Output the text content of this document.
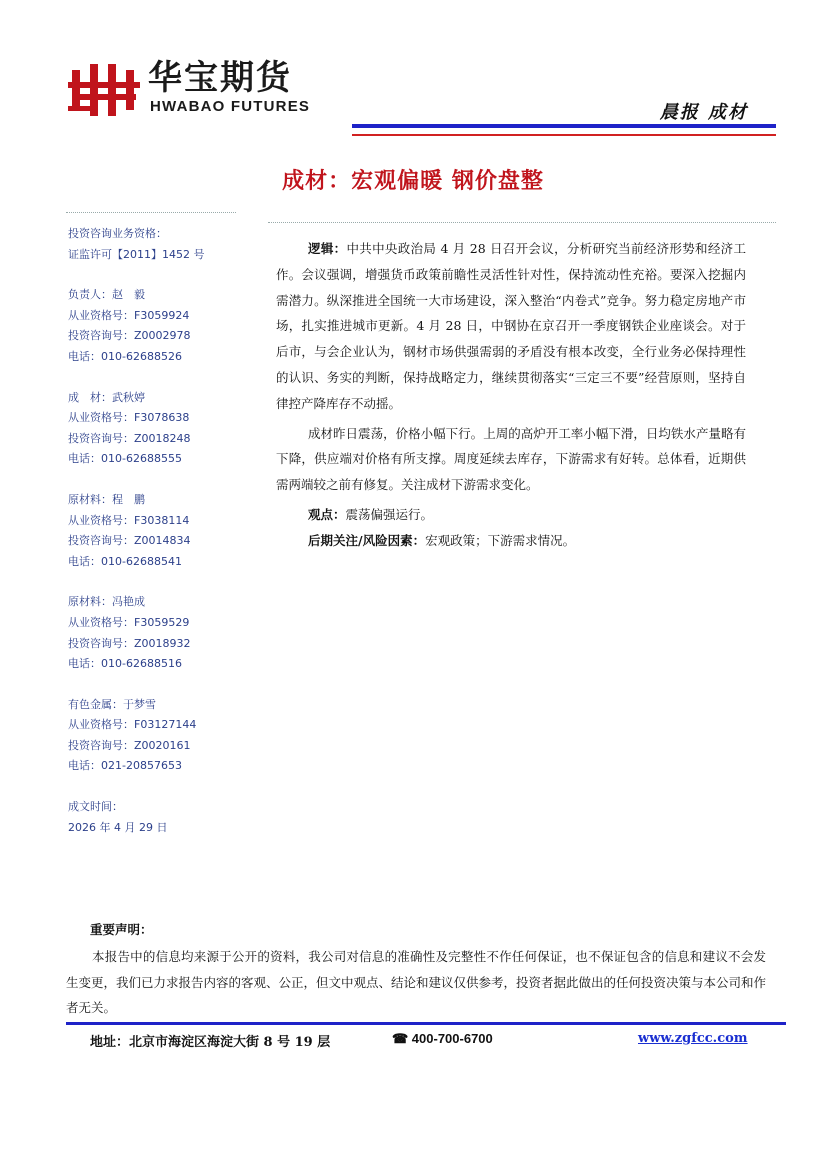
华宝期货
HWABAO FUTURES	晨报 成材
成材：宏观偏暖 钢价盘整
投资咨询业务资格：
证监许可【2011】1452 号
负责人：赵　毅
从业资格号：F3059924
投资咨询号：Z0002978
电话：010-62688526
成　材：武秋婷
从业资格号：F3078638
投资咨询号：Z0018248
电话：010-62688555
原材料：程　鹏
从业资格号：F3038114
投资咨询号：Z0014834
电话：010-62688541
原材料：冯艳成
从业资格号：F3059529
投资咨询号：Z0018932
电话：010-62688516
有色金属：于梦雪
从业资格号：F03127144
投资咨询号：Z0020161
电话：021-20857653
成文时间：
2026 年 4 月 29 日

逻辑：中共中央政治局 4 月 28 日召开会议，分析研究当前经济形势和经济工作。会议强调，增强货币政策前瞻性灵活性针对性，保持流动性充裕。要深入挖掘内需潜力。纵深推进全国统一大市场建设，深入整治“内卷式”竞争。努力稳定房地产市场，扎实推进城市更新。4 月 28 日，中钢协在京召开一季度钢铁企业座谈会。对于后市，与会企业认为，钢材市场供强需弱的矛盾没有根本改变，全行业务必保持理性的认识、务实的判断，保持战略定力，继续贯彻落实“三定三不要”经营原则，坚持自律控产降库存不动摇。

成材昨日震荡，价格小幅下行。上周的高炉开工率小幅下滑，日均铁水产量略有下降，供应端对价格有所支撑。周度延续去库存，下游需求有好转。总体看，近期供需两端较之前有修复。关注成材下游需求变化。

观点：震荡偏强运行。

后期关注/风险因素：宏观政策；下游需求情况。

重要声明：

本报告中的信息均来源于公开的资料，我公司对信息的准确性及完整性不作任何保证，也不保证包含的信息和建议不会发生变更，我们已力求报告内容的客观、公正，但文中观点、结论和建议仅供参考，投资者据此做出的任何投资决策与本公司和作者无关。

地址：北京市海淀区海淀大街 8 号 19 层	☎ 400-700-6700	www.zgfcc.com
